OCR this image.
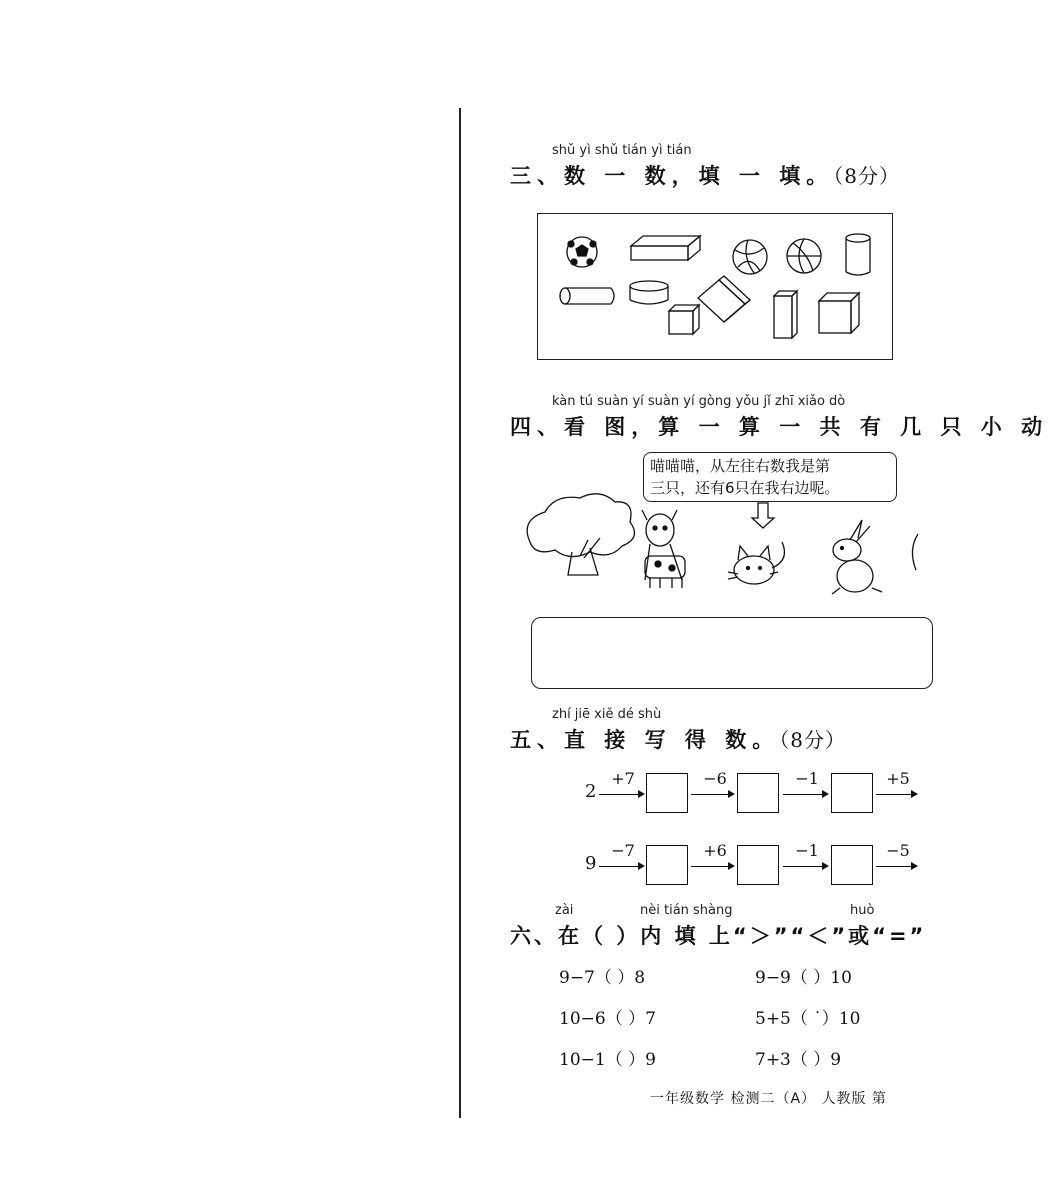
shǔ yì shǔ tián yì tián
三、数 一 数，填 一 填。（8分）
kàn tú suàn yí suàn yí gòng yǒu jǐ zhī xiǎo dò
四、看 图，算 一 算 一 共 有 几 只 小 动
喵喵喵，从左往右数我是第
三只，还有6只在我右边呢。
zhí jiē xiě dé shù
五、直 接 写 得 数。（8分）
2
+7	−6	−1	+5
9
−7	+6	−1	−5
zài	nèi tián shàng	huò
六、在（ ）内 填 上“＞”“＜”或“=”
9−7（ ）8	9−9（ ）10
10−6（ ）7	5+5（ ˙）10
10−1（ ）9	7+3（ ）9
一年级数学 检测二（A） 人教版 第
